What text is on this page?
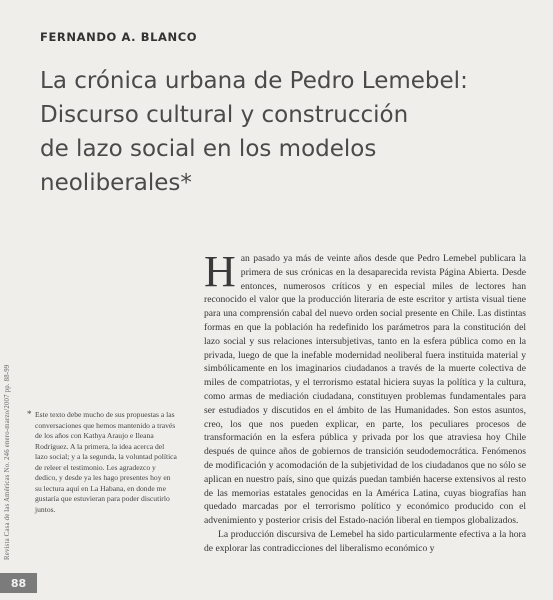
FERNANDO A. BLANCO
La crónica urbana de Pedro Lemebel:
Discurso cultural y construcción
de lazo social en los modelos
neoliberales*

Han pasado ya más de veinte años desde que Pedro Lemebel publicara la primera de sus crónicas en la desaparecida revista Página Abierta. Desde entonces, numerosos críticos y en especial miles de lectores han reconocido el valor que la producción literaria de este escritor y artista visual tiene para una comprensión cabal del nuevo orden social presente en Chile. Las distintas formas en que la población ha redefinido los parámetros para la constitución del lazo social y sus relaciones intersubjetivas, tanto en la esfera pública como en la privada, luego de que la inefable modernidad neoliberal fuera instituida material y simbólicamente en los imaginarios ciudadanos a través de la muerte colectiva de miles de compatriotas, y el terrorismo estatal hiciera suyas la política y la cultura, como armas de mediación ciudadana, constituyen problemas fundamentales para ser estudiados y discutidos en el ámbito de las Humanidades. Son estos asuntos, creo, los que nos pueden explicar, en parte, los peculiares procesos de transformación en la esfera pública y privada por los que atraviesa hoy Chile después de quince años de gobiernos de transición seudodemocrática. Fenómenos de modificación y acomodación de la subjetividad de los ciudadanos que no sólo se aplican en nuestro país, sino que quizás puedan también hacerse extensivos al resto de las memorias estatales genocidas en la América Latina, cuyas biografías han quedado marcadas por el terrorismo político y económico producido con el advenimiento y posterior crisis del Estado-nación liberal en tiempos globalizados.

La producción discursiva de Lemebel ha sido particularmente efectiva a la hora de explorar las contradicciones del liberalismo económico y

* Este texto debe mucho de sus propuestas a las conversaciones que hemos mantenido a través de los años con Kathya Araujo e Ileana Rodríguez. A la primera, la idea acerca del lazo social; y a la segunda, la voluntad política de releer el testimonio. Les agradezco y dedico, y desde ya les hago presentes hoy en su lectura aquí en La Habana, en donde me gustaría que estuvieran para poder discutirlo juntos.
Revista Casa de las Américas No. 246 enero-marzo/2007 pp. 88-99
88
